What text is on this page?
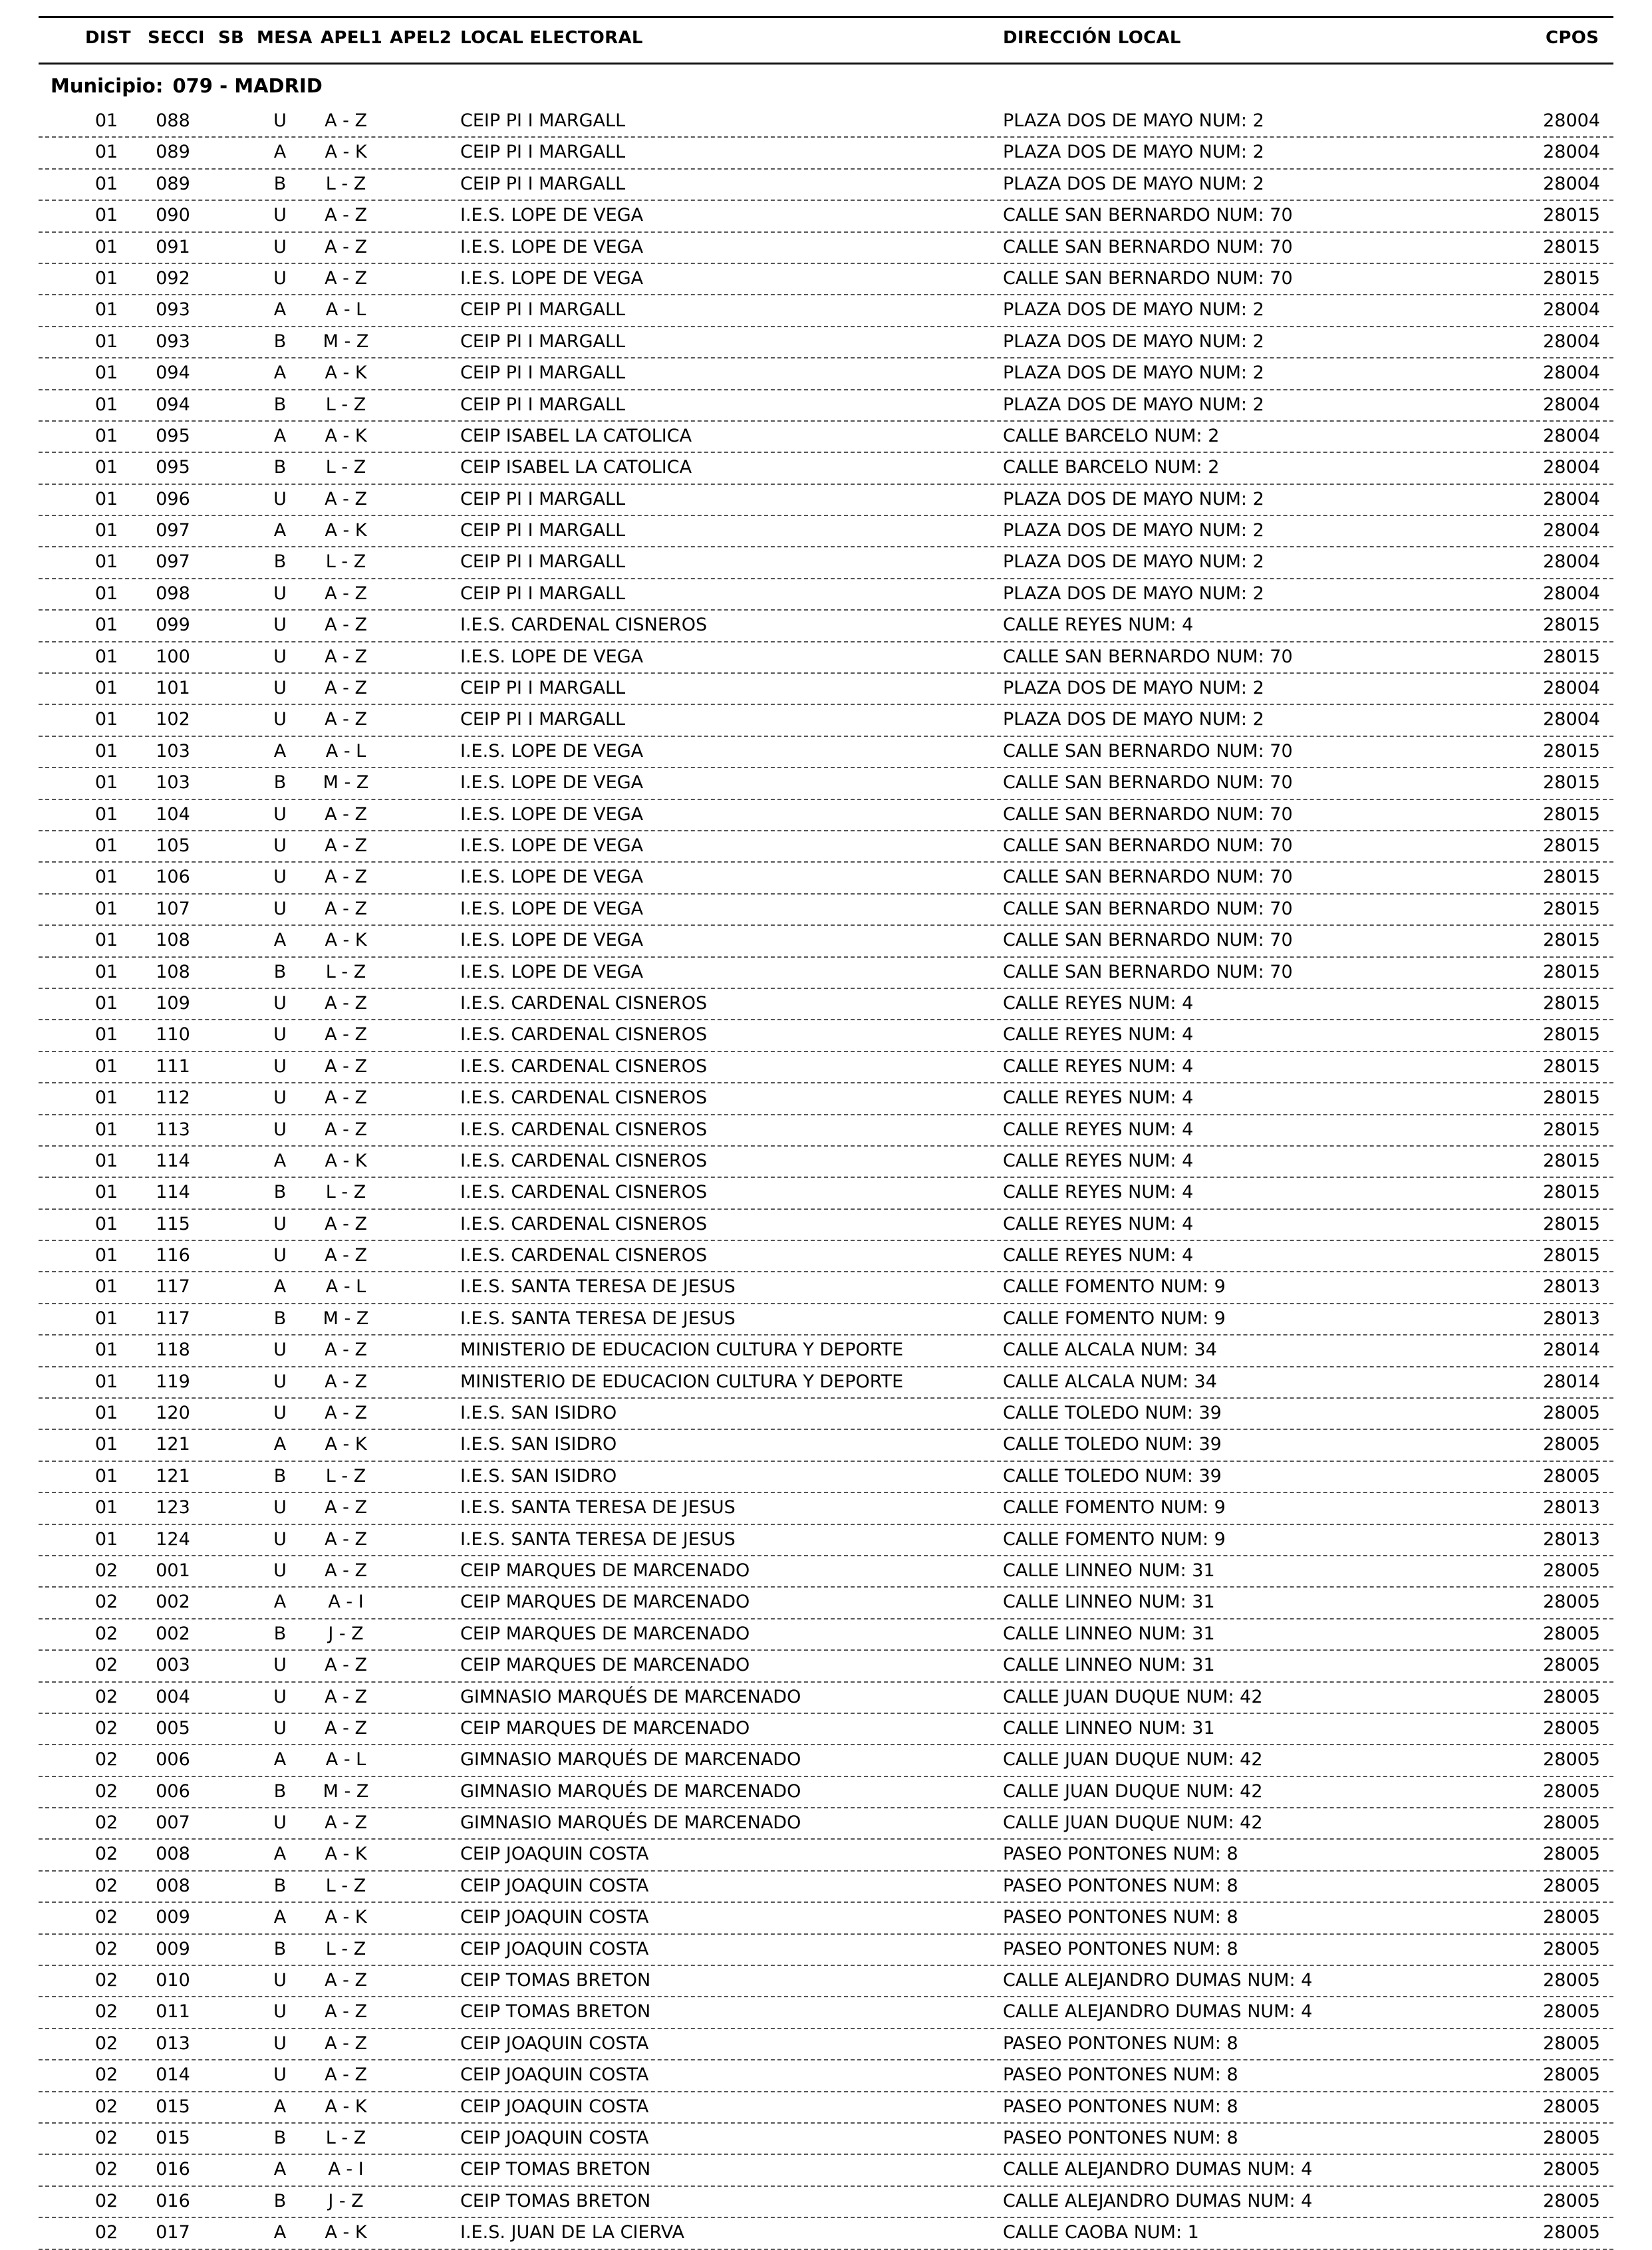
DIST SECCI SB MESA APEL1 APEL2 LOCAL ELECTORAL	DIRECCIÓN LOCAL	CPOS
Municipio: 079 - MADRID
01 088	U	A - Z	CEIP PI I MARGALL	PLAZA DOS DE MAYO NUM: 2	28004
01 089	A	A - K	CEIP PI I MARGALL	PLAZA DOS DE MAYO NUM: 2	28004
01 089	B	L - Z	CEIP PI I MARGALL	PLAZA DOS DE MAYO NUM: 2	28004
01 090	U	A - Z	I.E.S. LOPE DE VEGA	CALLE SAN BERNARDO NUM: 70	28015
01 091	U	A - Z	I.E.S. LOPE DE VEGA	CALLE SAN BERNARDO NUM: 70	28015
01 092	U	A - Z	I.E.S. LOPE DE VEGA	CALLE SAN BERNARDO NUM: 70	28015
01 093	A	A - L	CEIP PI I MARGALL	PLAZA DOS DE MAYO NUM: 2	28004
01 093	B	M - Z	CEIP PI I MARGALL	PLAZA DOS DE MAYO NUM: 2	28004
01 094	A	A - K	CEIP PI I MARGALL	PLAZA DOS DE MAYO NUM: 2	28004
01 094	B	L - Z	CEIP PI I MARGALL	PLAZA DOS DE MAYO NUM: 2	28004
01 095	A	A - K	CEIP ISABEL LA CATOLICA	CALLE BARCELO NUM: 2	28004
01 095	B	L - Z	CEIP ISABEL LA CATOLICA	CALLE BARCELO NUM: 2	28004
01 096	U	A - Z	CEIP PI I MARGALL	PLAZA DOS DE MAYO NUM: 2	28004
01 097	A	A - K	CEIP PI I MARGALL	PLAZA DOS DE MAYO NUM: 2	28004
01 097	B	L - Z	CEIP PI I MARGALL	PLAZA DOS DE MAYO NUM: 2	28004
01 098	U	A - Z	CEIP PI I MARGALL	PLAZA DOS DE MAYO NUM: 2	28004
01 099	U	A - Z	I.E.S. CARDENAL CISNEROS	CALLE REYES NUM: 4	28015
01 100	U	A - Z	I.E.S. LOPE DE VEGA	CALLE SAN BERNARDO NUM: 70	28015
01 101	U	A - Z	CEIP PI I MARGALL	PLAZA DOS DE MAYO NUM: 2	28004
01 102	U	A - Z	CEIP PI I MARGALL	PLAZA DOS DE MAYO NUM: 2	28004
01 103	A	A - L	I.E.S. LOPE DE VEGA	CALLE SAN BERNARDO NUM: 70	28015
01 103	B	M - Z	I.E.S. LOPE DE VEGA	CALLE SAN BERNARDO NUM: 70	28015
01 104	U	A - Z	I.E.S. LOPE DE VEGA	CALLE SAN BERNARDO NUM: 70	28015
01 105	U	A - Z	I.E.S. LOPE DE VEGA	CALLE SAN BERNARDO NUM: 70	28015
01 106	U	A - Z	I.E.S. LOPE DE VEGA	CALLE SAN BERNARDO NUM: 70	28015
01 107	U	A - Z	I.E.S. LOPE DE VEGA	CALLE SAN BERNARDO NUM: 70	28015
01 108	A	A - K	I.E.S. LOPE DE VEGA	CALLE SAN BERNARDO NUM: 70	28015
01 108	B	L - Z	I.E.S. LOPE DE VEGA	CALLE SAN BERNARDO NUM: 70	28015
01 109	U	A - Z	I.E.S. CARDENAL CISNEROS	CALLE REYES NUM: 4	28015
01 110	U	A - Z	I.E.S. CARDENAL CISNEROS	CALLE REYES NUM: 4	28015
01 111	U	A - Z	I.E.S. CARDENAL CISNEROS	CALLE REYES NUM: 4	28015
01 112	U	A - Z	I.E.S. CARDENAL CISNEROS	CALLE REYES NUM: 4	28015
01 113	U	A - Z	I.E.S. CARDENAL CISNEROS	CALLE REYES NUM: 4	28015
01 114	A	A - K	I.E.S. CARDENAL CISNEROS	CALLE REYES NUM: 4	28015
01 114	B	L - Z	I.E.S. CARDENAL CISNEROS	CALLE REYES NUM: 4	28015
01 115	U	A - Z	I.E.S. CARDENAL CISNEROS	CALLE REYES NUM: 4	28015
01 116	U	A - Z	I.E.S. CARDENAL CISNEROS	CALLE REYES NUM: 4	28015
01 117	A	A - L	I.E.S. SANTA TERESA DE JESUS	CALLE FOMENTO NUM: 9	28013
01 117	B	M - Z	I.E.S. SANTA TERESA DE JESUS	CALLE FOMENTO NUM: 9	28013
01 118	U	A - Z	MINISTERIO DE EDUCACION CULTURA Y DEPORTE	CALLE ALCALA NUM: 34	28014
01 119	U	A - Z	MINISTERIO DE EDUCACION CULTURA Y DEPORTE	CALLE ALCALA NUM: 34	28014
01 120	U	A - Z	I.E.S. SAN ISIDRO	CALLE TOLEDO NUM: 39	28005
01 121	A	A - K	I.E.S. SAN ISIDRO	CALLE TOLEDO NUM: 39	28005
01 121	B	L - Z	I.E.S. SAN ISIDRO	CALLE TOLEDO NUM: 39	28005
01 123	U	A - Z	I.E.S. SANTA TERESA DE JESUS	CALLE FOMENTO NUM: 9	28013
01 124	U	A - Z	I.E.S. SANTA TERESA DE JESUS	CALLE FOMENTO NUM: 9	28013
02 001	U	A - Z	CEIP MARQUES DE MARCENADO	CALLE LINNEO NUM: 31	28005
02 002	A	A - I	CEIP MARQUES DE MARCENADO	CALLE LINNEO NUM: 31	28005
02 002	B	J - Z	CEIP MARQUES DE MARCENADO	CALLE LINNEO NUM: 31	28005
02 003	U	A - Z	CEIP MARQUES DE MARCENADO	CALLE LINNEO NUM: 31	28005
02 004	U	A - Z	GIMNASIO MARQUÉS DE MARCENADO	CALLE JUAN DUQUE NUM: 42	28005
02 005	U	A - Z	CEIP MARQUES DE MARCENADO	CALLE LINNEO NUM: 31	28005
02 006	A	A - L	GIMNASIO MARQUÉS DE MARCENADO	CALLE JUAN DUQUE NUM: 42	28005
02 006	B	M - Z	GIMNASIO MARQUÉS DE MARCENADO	CALLE JUAN DUQUE NUM: 42	28005
02 007	U	A - Z	GIMNASIO MARQUÉS DE MARCENADO	CALLE JUAN DUQUE NUM: 42	28005
02 008	A	A - K	CEIP JOAQUIN COSTA	PASEO PONTONES NUM: 8	28005
02 008	B	L - Z	CEIP JOAQUIN COSTA	PASEO PONTONES NUM: 8	28005
02 009	A	A - K	CEIP JOAQUIN COSTA	PASEO PONTONES NUM: 8	28005
02 009	B	L - Z	CEIP JOAQUIN COSTA	PASEO PONTONES NUM: 8	28005
02 010	U	A - Z	CEIP TOMAS BRETON	CALLE ALEJANDRO DUMAS NUM: 4	28005
02 011	U	A - Z	CEIP TOMAS BRETON	CALLE ALEJANDRO DUMAS NUM: 4	28005
02 013	U	A - Z	CEIP JOAQUIN COSTA	PASEO PONTONES NUM: 8	28005
02 014	U	A - Z	CEIP JOAQUIN COSTA	PASEO PONTONES NUM: 8	28005
02 015	A	A - K	CEIP JOAQUIN COSTA	PASEO PONTONES NUM: 8	28005
02 015	B	L - Z	CEIP JOAQUIN COSTA	PASEO PONTONES NUM: 8	28005
02 016	A	A - I	CEIP TOMAS BRETON	CALLE ALEJANDRO DUMAS NUM: 4	28005
02 016	B	J - Z	CEIP TOMAS BRETON	CALLE ALEJANDRO DUMAS NUM: 4	28005
02 017	A	A - K	I.E.S. JUAN DE LA CIERVA	CALLE CAOBA NUM: 1	28005
